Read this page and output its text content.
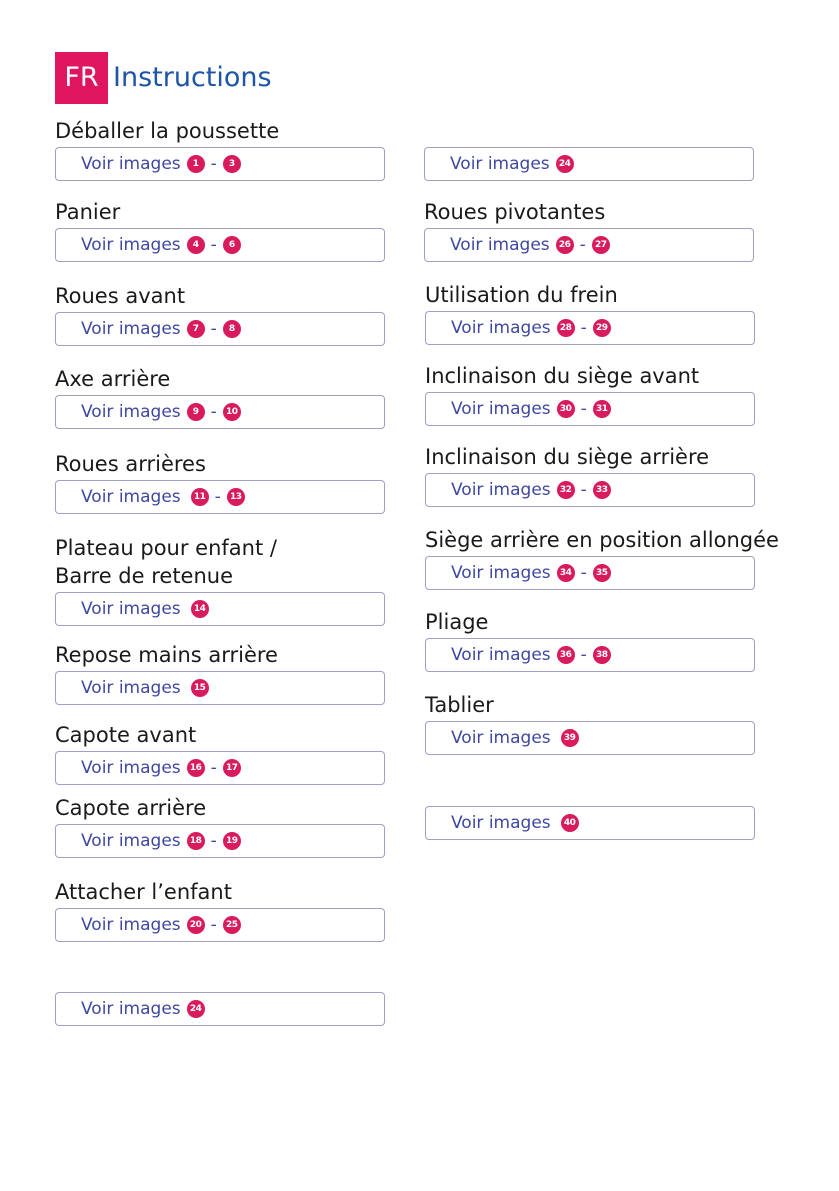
FR Instructions
Déballer la poussette
Voir images	1 -	3
Panier
Voir images	4 -	6
Roues avant
Voir images	7 -	8
Axe arrière
Voir images	9 -	10
Roues arrières
Voir images	11 -	13
Plateau pour enfant /
Barre de retenue
Voir images	14
Repose mains arrière
Voir images	15
Capote avant
Voir images	16 -	17
Capote arrière
Voir images	18 -	19
Attacher l’enfant
Voir images	20 -	25
Voir images	24
Voir images	24
Roues pivotantes
Voir images	26 -	27
Utilisation du frein
Voir images	28 -	29
Inclinaison du siège avant
Voir images	30 -	31
Inclinaison du siège arrière
Voir images	32 -	33
Siège arrière en position allongée
Voir images	34 -	35
Pliage
Voir images	36 -	38
Tablier
Voir images	39
Voir images	40
